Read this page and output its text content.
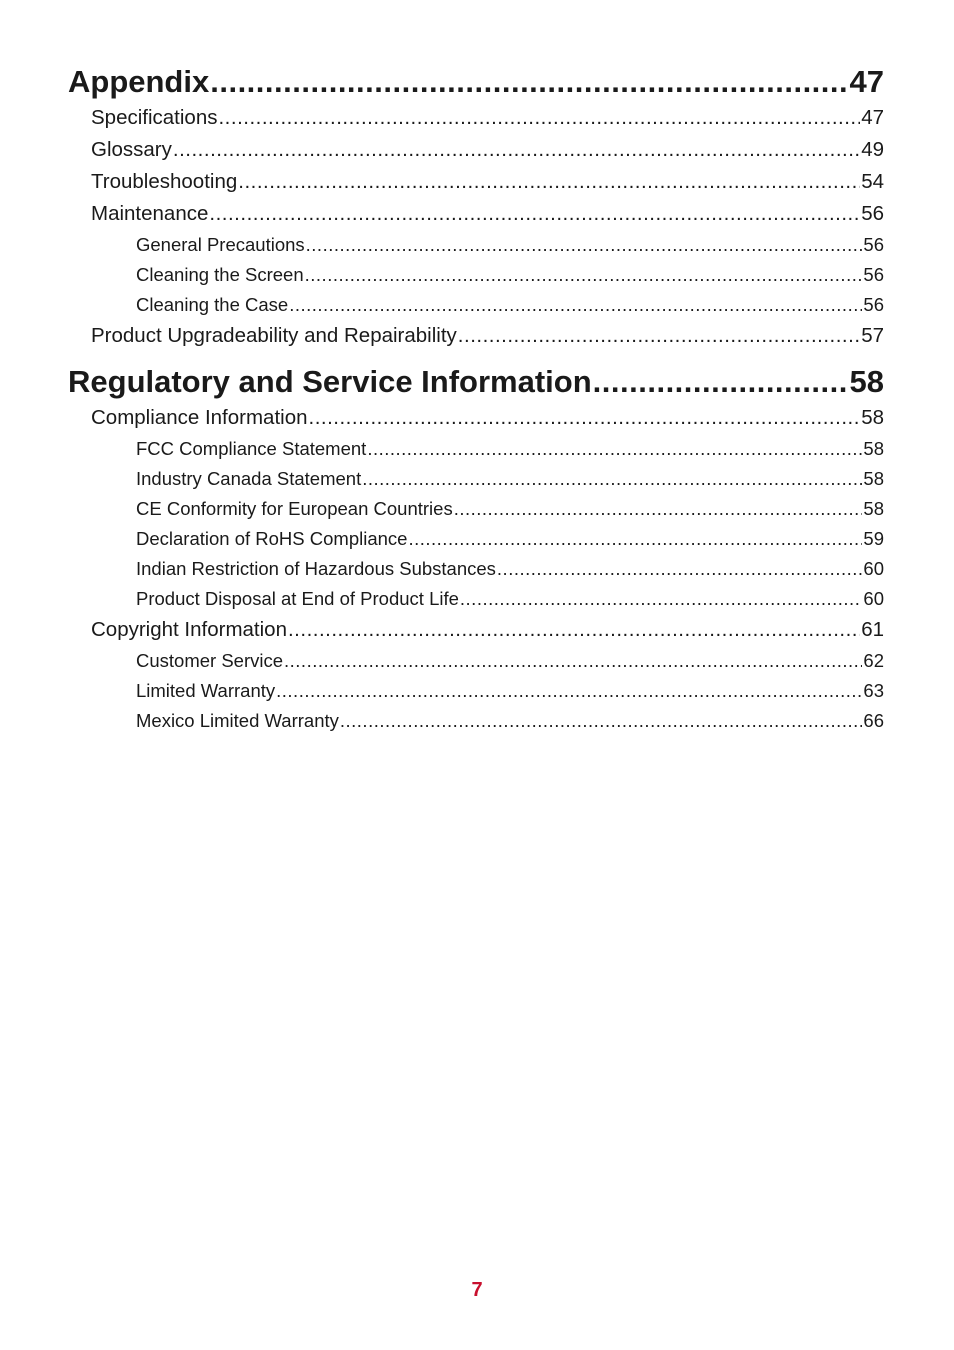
Appendix .....	47
Specifications .....	47
Glossary .....	49
Troubleshooting .....	54
Maintenance .....	56
General Precautions .....	56
Cleaning the Screen .....	56
Cleaning the Case .....	56
Product Upgradeability and Repairability .....	57
Regulatory and Service Information .....	58
Compliance Information .....	58
FCC Compliance Statement .....	58
Industry Canada Statement .....	58
CE Conformity for European Countries .....	58
Declaration of RoHS Compliance .....	59
Indian Restriction of Hazardous Substances .....	60
Product Disposal at End of Product Life .....	60
Copyright Information .....	61
Customer Service .....	62
Limited Warranty .....	63
Mexico Limited Warranty .....	66
7
